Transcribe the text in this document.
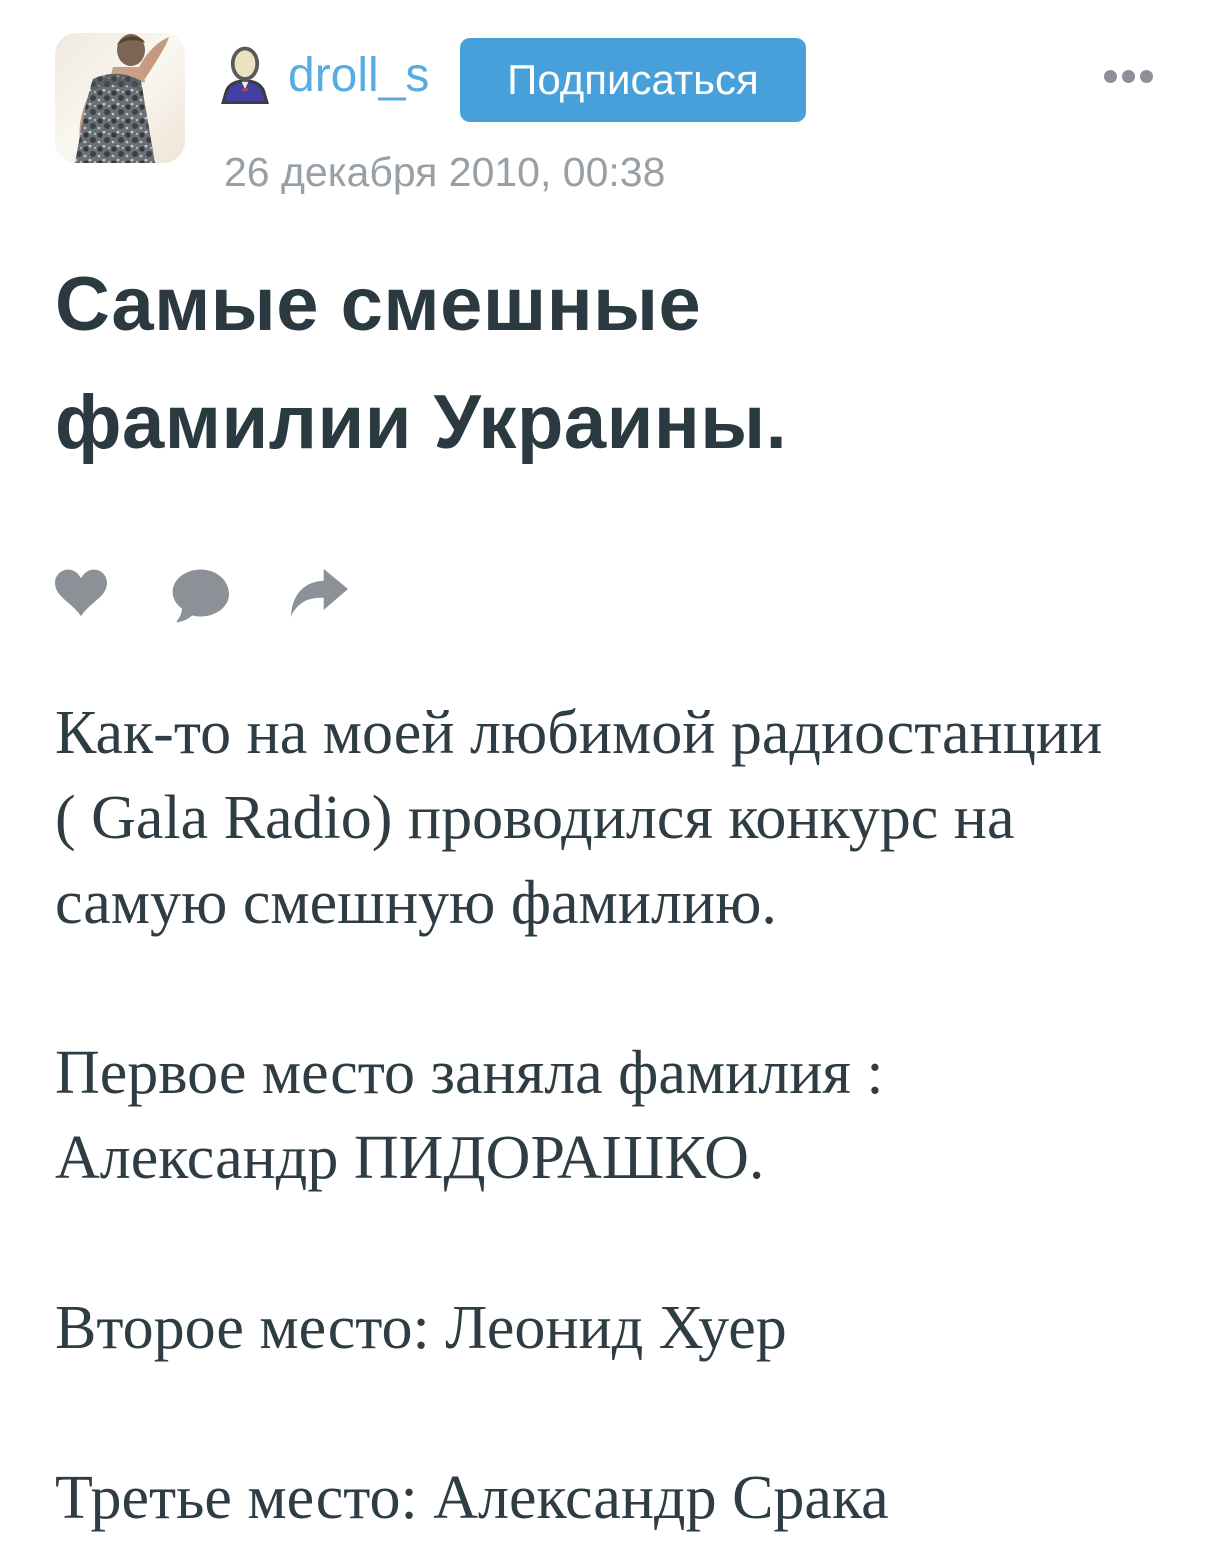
droll_s Подписаться
26 декабря 2010, 00:38
Самые смешные
фамилии Украины.

Как-то на моей любимой радиостанции
( Gala Radio) проводился конкурс на
самую смешную фамилию.

Первое место заняла фамилия :
Александр ПИДОРАШКО.

Второе место: Леонид Хуер

Третье место: Александр Срака
